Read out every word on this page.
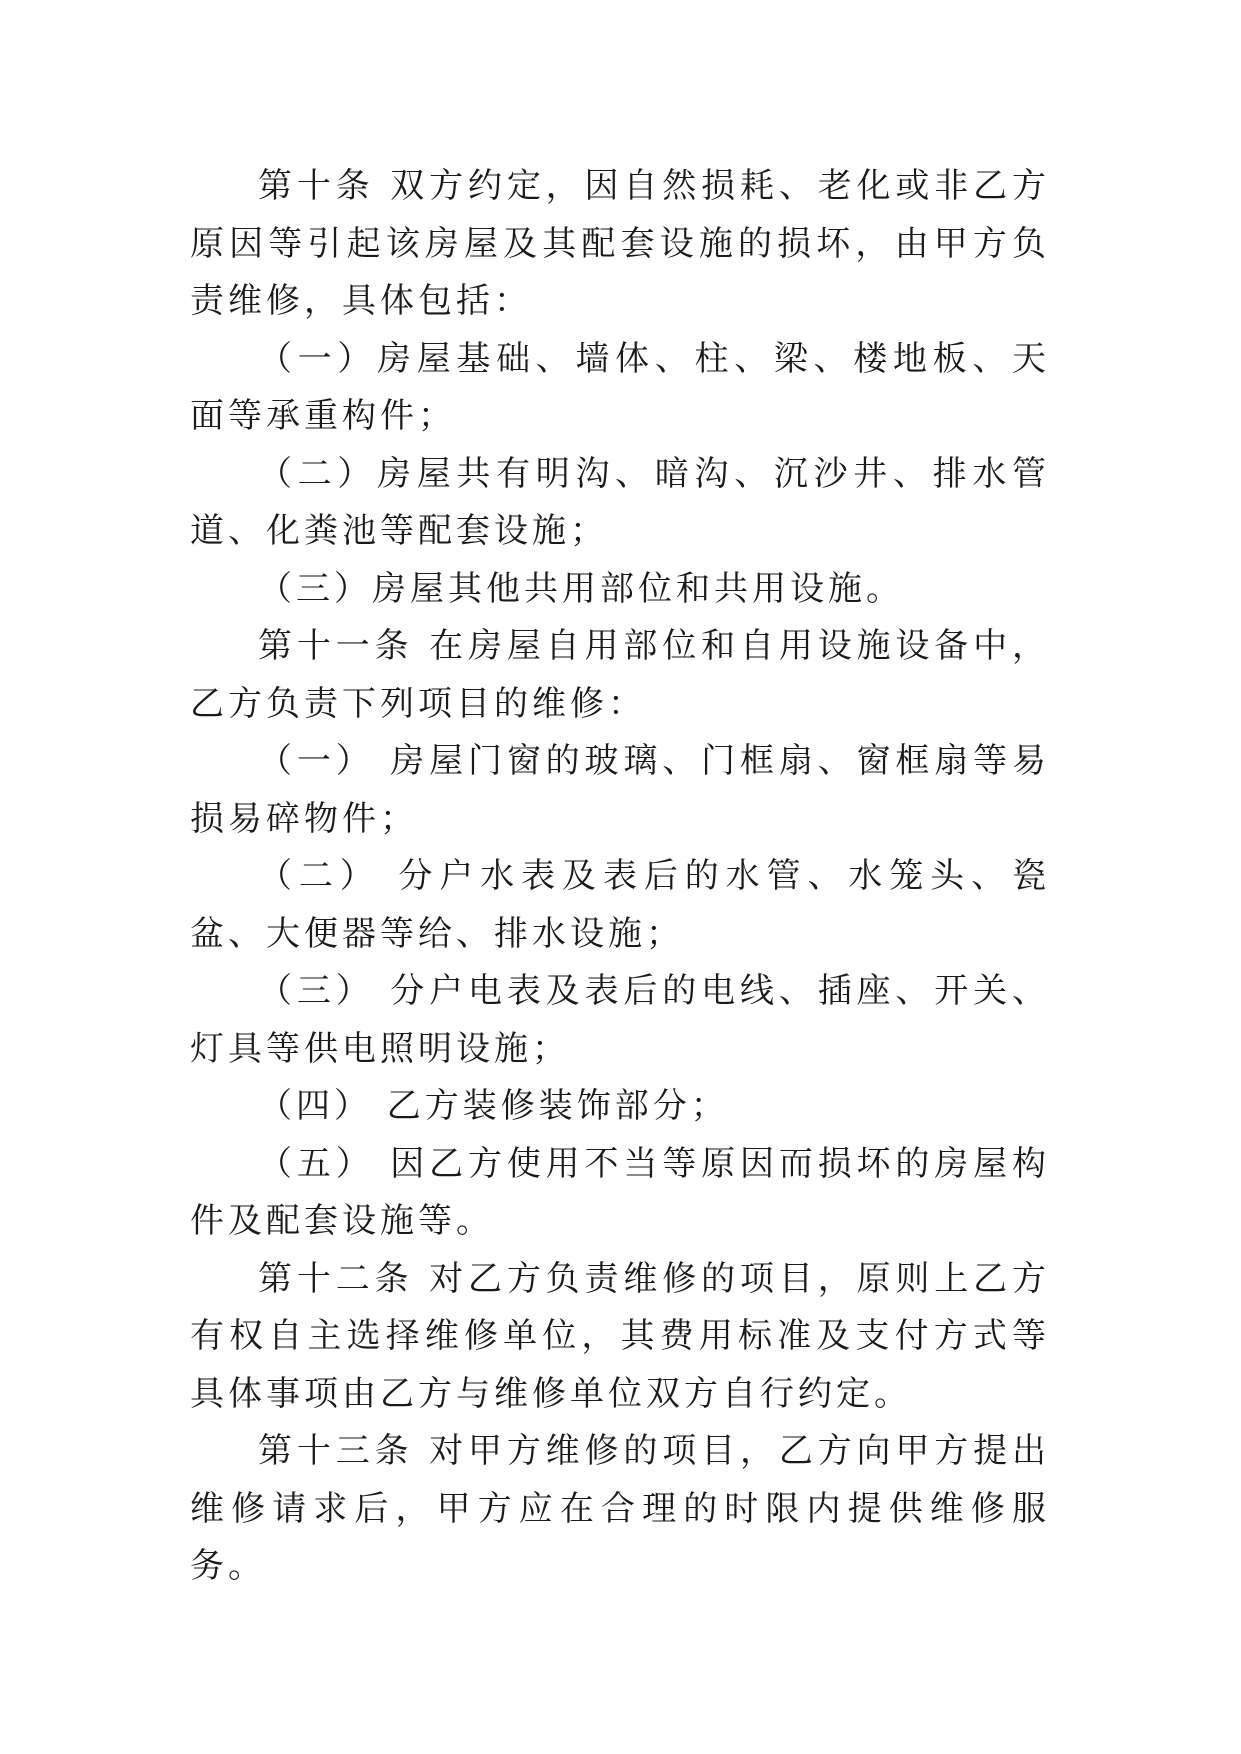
第十条 双方约定，因自然损耗、老化或非乙方原因等引起该房屋及其配套设施的损坏，由甲方负责维修，具体包括：

（一）房屋基础、墙体、柱、梁、楼地板、天面等承重构件；

（二）房屋共有明沟、暗沟、沉沙井、排水管道、化粪池等配套设施；

（三）房屋其他共用部位和共用设施。

第十一条 在房屋自用部位和自用设施设备中，乙方负责下列项目的维修：

（一） 房屋门窗的玻璃、门框扇、窗框扇等易损易碎物件；

（二） 分户水表及表后的水管、水笼头、瓷盆、大便器等给、排水设施；

（三） 分户电表及表后的电线、插座、开关、灯具等供电照明设施；

（四） 乙方装修装饰部分；

（五） 因乙方使用不当等原因而损坏的房屋构件及配套设施等。

第十二条 对乙方负责维修的项目，原则上乙方有权自主选择维修单位，其费用标准及支付方式等具体事项由乙方与维修单位双方自行约定。

第十三条 对甲方维修的项目，乙方向甲方提出维修请求后，甲方应在合理的时限内提供维修服务。
